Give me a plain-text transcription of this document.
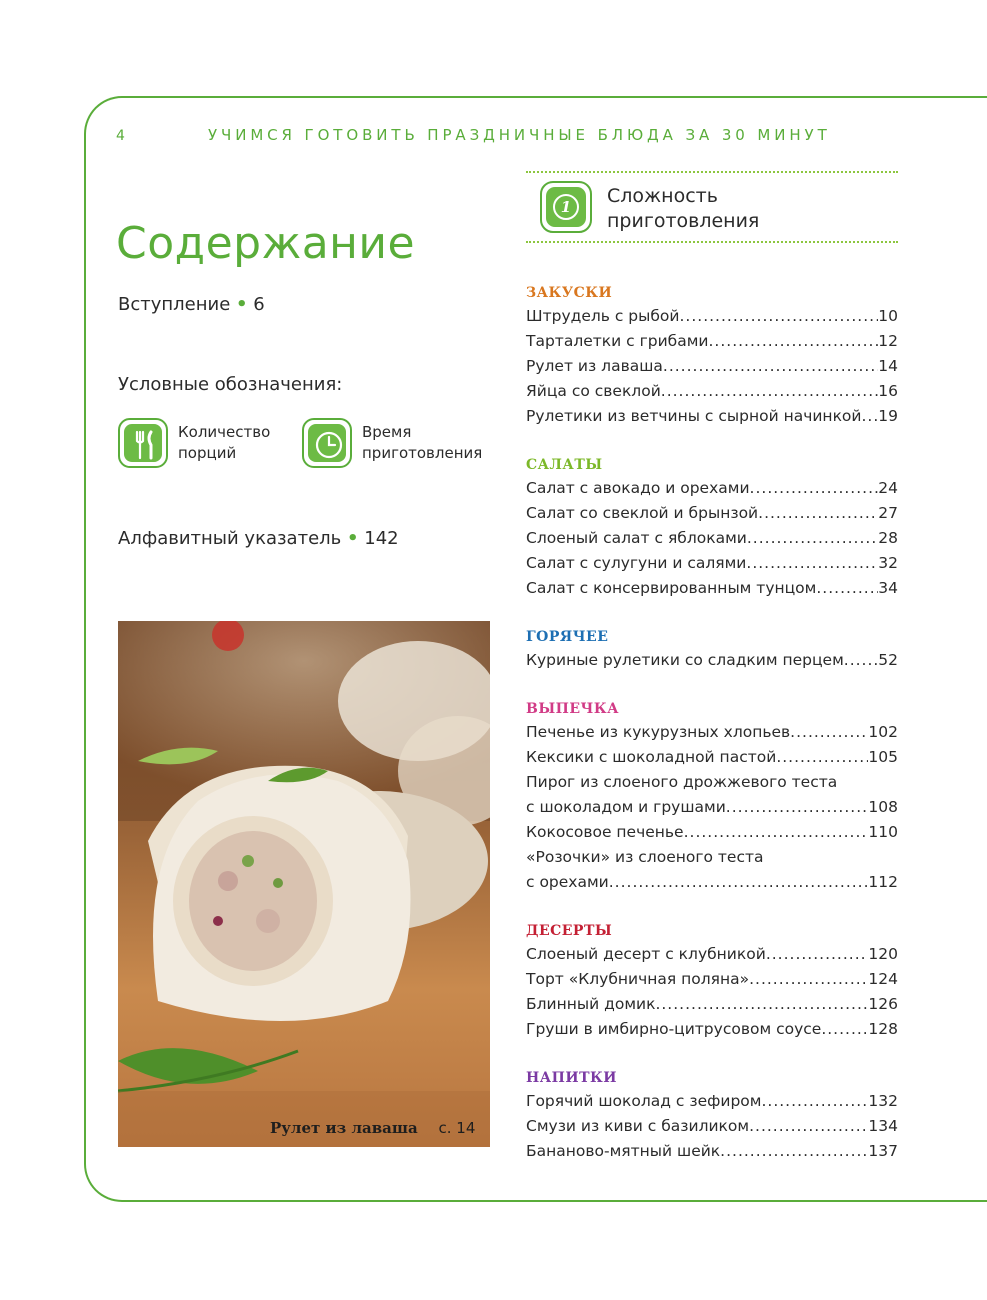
4	УЧИМСЯ ГОТОВИТЬ ПРАЗДНИЧНЫЕ БЛЮДА ЗА 30 МИНУТ
Содержание
Вступление • 6
Условные обозначения:
Количество
порций
Время
приготовления
Алфавитный указатель • 142
Рулет из лаваша с. 14
1	Сложность
приготовления
ЗАКУСКИ
Штрудель с рыбой .....	10
Тарталетки с грибами .....	12
Рулет из лаваша .....	14
Яйца со свеклой .....	16
Рулетики из ветчины с сырной начинкой ..... 19
САЛАТЫ
Салат с авокадо и орехами .....	24
Салат со свеклой и брынзой .....	27
Слоеный салат с яблоками .....	28
Салат с сулугуни и салями .....	32
Салат с консервированным тунцом .....	34
ГОРЯЧЕЕ
Куриные рулетики со сладким перцем ..... 52
ВЫПЕЧКА
Печенье из кукурузных хлопьев .....	102
Кексики с шоколадной пастой .....	105
Пирог из слоеного дрожжевого теста
с шоколадом и грушами .....	108
Кокосовое печенье .....	110
«Розочки» из слоеного теста
с орехами .....	112
ДЕСЕРТЫ
Слоеный десерт с клубникой .....	120
Торт «Клубничная поляна» .....	124
Блинный домик .....	126
Груши в имбирно-цитрусовом соусе .....	128
НАПИТКИ
Горячий шоколад с зефиром .....	132
Смузи из киви с базиликом .....	134
Бананово-мятный шейк .....	137
